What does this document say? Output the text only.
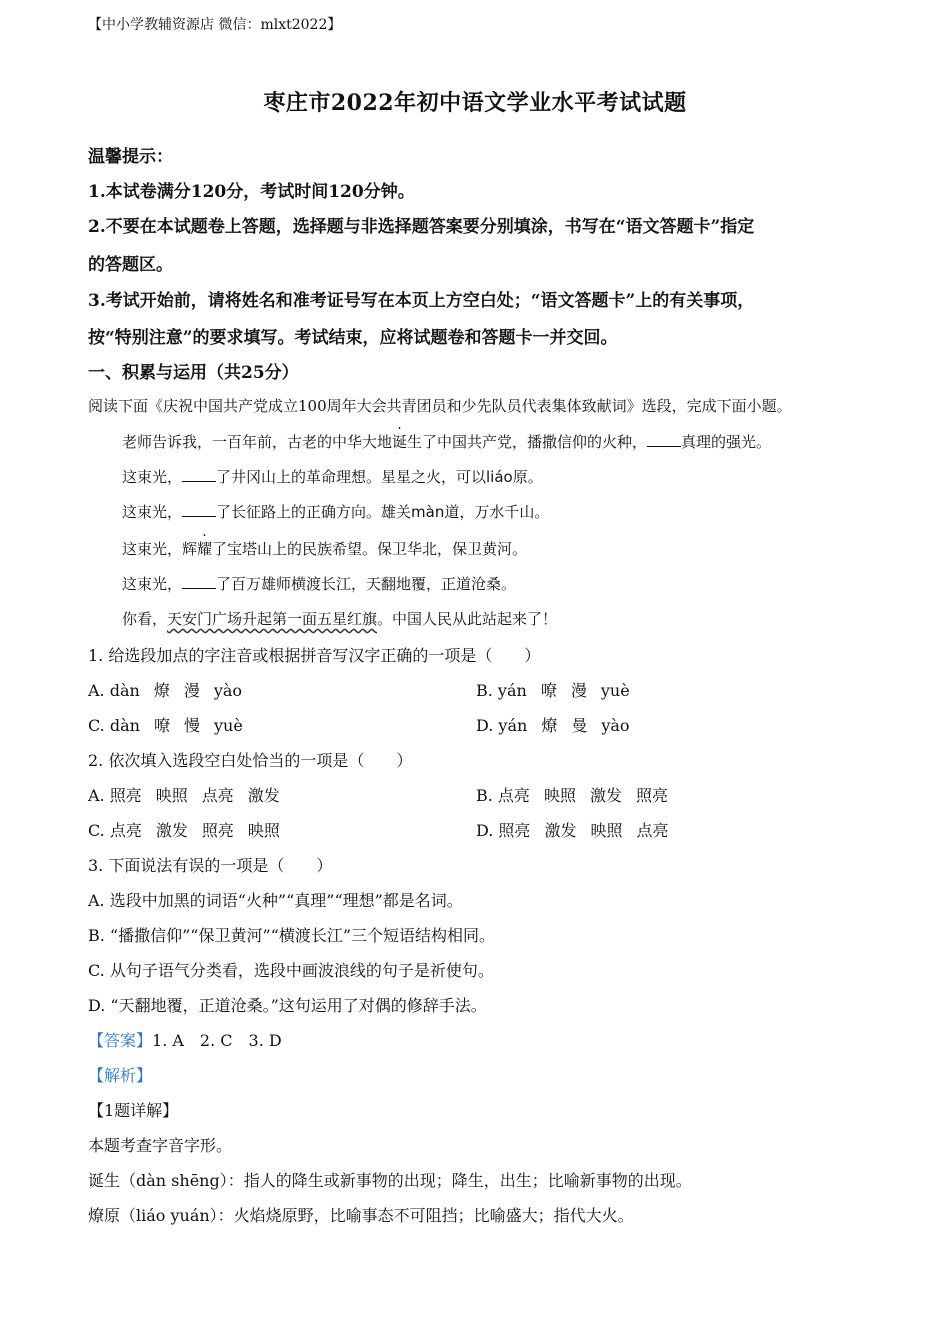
【中小学教辅资源店 微信：mlxt2022】
枣庄市2022年初中语文学业水平考试试题
温馨提示：
1.本试卷满分120分，考试时间120分钟。
2.不要在本试题卷上答题，选择题与非选择题答案要分别填涂，书写在“语文答题卡”指定
的答题区。
3.考试开始前，请将姓名和准考证号写在本页上方空白处；“语文答题卡”上的有关事项，
按“特别注意”的要求填写。考试结束，应将试题卷和答题卡一并交回。
一、积累与运用（共25分）
阅读下面《庆祝中国共产党成立100周年大会共青团员和少先队员代表集体致献词》选段，完成下面小题。
老师告诉我，一百年前，古老的中华大地诞生了中国共产党，播撒信仰的火种， 真理的强光。
这束光， 了井冈山上的革命理想。星星之火，可以liáo原。
这束光， 了长征路上的正确方向。雄关màn道，万水千山。
这束光，辉耀了宝塔山上的民族希望。保卫华北，保卫黄河。
这束光， 了百万雄师横渡长江，天翻地覆，正道沧桑。
你看，天安门广场升起第一面五星红旗。中国人民从此站起来了！
1. 给选段加点的字注音或根据拼音写汉字正确的一项是（　　）
A. dàn 燎 漫 yào	B. yán 嘹 漫 yuè
C. dàn 嘹 慢 yuè	D. yán 燎 曼 yào
2. 依次填入选段空白处恰当的一项是（　　）
A. 照亮 映照 点亮 激发	B. 点亮 映照 激发 照亮
C. 点亮 激发 照亮 映照	D. 照亮 激发 映照 点亮
3. 下面说法有误的一项是（　　）
A. 选段中加黑的词语“火种”“真理”“理想”都是名词。
B. “播撒信仰”“保卫黄河”“横渡长江”三个短语结构相同。
C. 从句子语气分类看，选段中画波浪线的句子是祈使句。
D. “天翻地覆，正道沧桑。”这句运用了对偶的修辞手法。
【答案】1. A　2. C　3. D
【解析】
【1题详解】
本题考查字音字形。
诞生（dàn shēng）：指人的降生或新事物的出现；降生，出生；比喻新事物的出现。
燎原（liáo yuán）：火焰烧原野，比喻事态不可阻挡；比喻盛大；指代大火。
